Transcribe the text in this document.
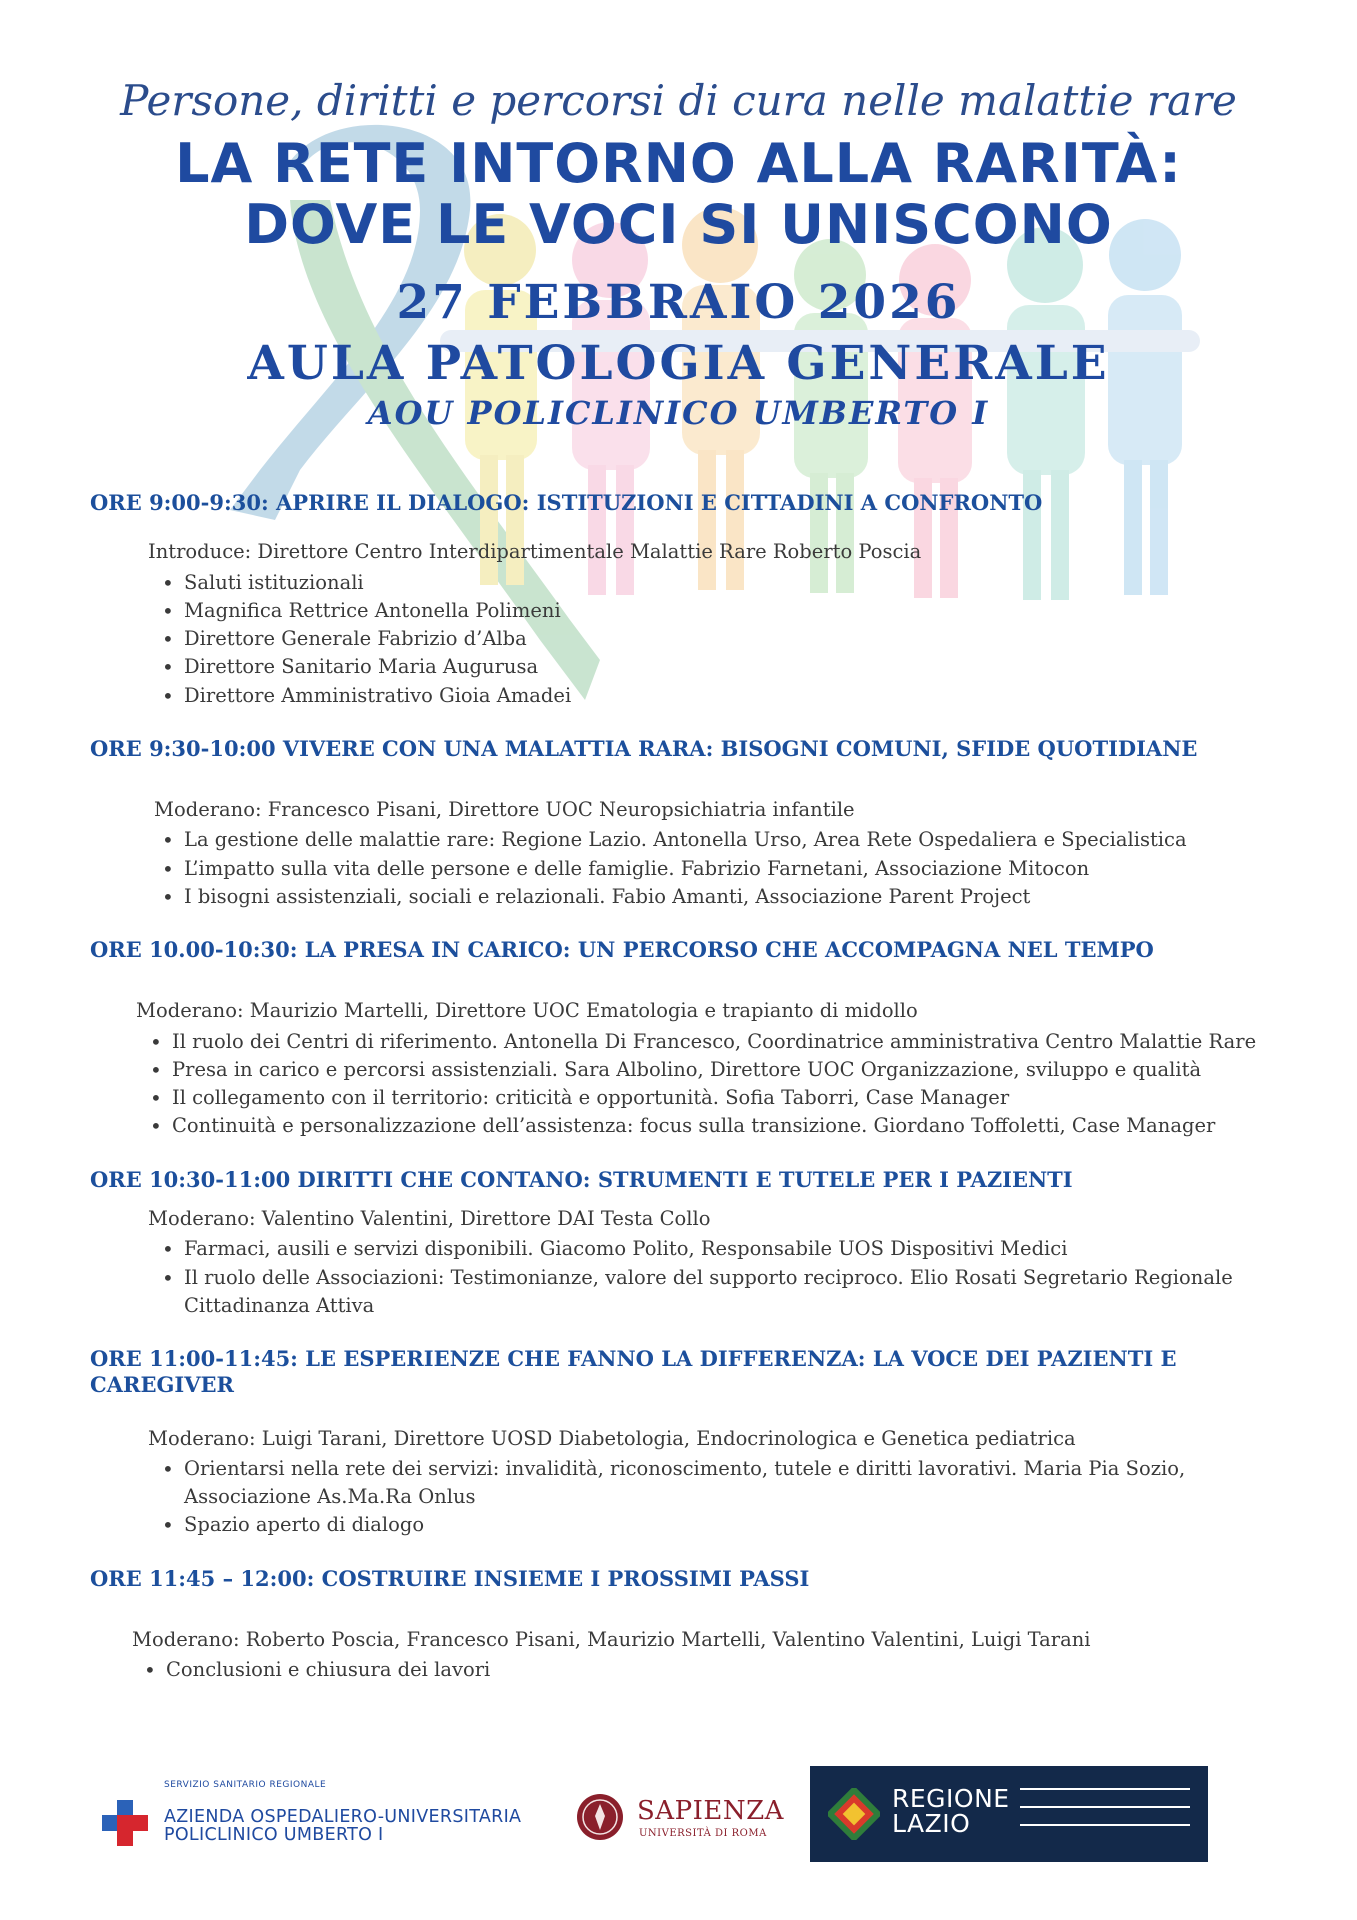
Persone, diritti e percorsi di cura nelle malattie rare

LA RETE INTORNO ALLA RARITÀ:
DOVE LE VOCI SI UNISCONO

27 FEBBRAIO 2026

AULA PATOLOGIA GENERALE

AOU POLICLINICO UMBERTO I

ORE 9:00-9:30: APRIRE IL DIALOGO: ISTITUZIONI E CITTADINI A CONFRONTO

Introduce: Direttore Centro Interdipartimentale Malattie Rare Roberto Poscia

• Saluti istituzionali
• Magnifica Rettrice Antonella Polimeni
• Direttore Generale Fabrizio d’Alba
• Direttore Sanitario Maria Augurusa
• Direttore Amministrativo Gioia Amadei

ORE 9:30-10:00 VIVERE CON UNA MALATTIA RARA: BISOGNI COMUNI, SFIDE QUOTIDIANE

Moderano: Francesco Pisani, Direttore UOC Neuropsichiatria infantile

• La gestione delle malattie rare: Regione Lazio. Antonella Urso, Area Rete Ospedaliera e Specialistica
• L’impatto sulla vita delle persone e delle famiglie. Fabrizio Farnetani, Associazione Mitocon
• I bisogni assistenziali, sociali e relazionali. Fabio Amanti, Associazione Parent Project

ORE 10.00-10:30: LA PRESA IN CARICO: UN PERCORSO CHE ACCOMPAGNA NEL TEMPO

Moderano: Maurizio Martelli, Direttore UOC Ematologia e trapianto di midollo

• Il ruolo dei Centri di riferimento. Antonella Di Francesco, Coordinatrice amministrativa Centro Malattie Rare
• Presa in carico e percorsi assistenziali. Sara Albolino, Direttore UOC Organizzazione, sviluppo e qualità
• Il collegamento con il territorio: criticità e opportunità. Sofia Taborri, Case Manager
• Continuità e personalizzazione dell’assistenza: focus sulla transizione. Giordano Toffoletti, Case Manager

ORE 10:30-11:00 DIRITTI CHE CONTANO: STRUMENTI E TUTELE PER I PAZIENTI

Moderano: Valentino Valentini, Direttore DAI Testa Collo

• Farmaci, ausili e servizi disponibili. Giacomo Polito, Responsabile UOS Dispositivi Medici
• Il ruolo delle Associazioni: Testimonianze, valore del supporto reciproco. Elio Rosati Segretario Regionale Cittadinanza Attiva

ORE 11:00-11:45: LE ESPERIENZE CHE FANNO LA DIFFERENZA: LA VOCE DEI PAZIENTI E CAREGIVER

Moderano: Luigi Tarani, Direttore UOSD Diabetologia, Endocrinologica e Genetica pediatrica

• Orientarsi nella rete dei servizi: invalidità, riconoscimento, tutele e diritti lavorativi. Maria Pia Sozio, Associazione As.Ma.Ra Onlus
• Spazio aperto di dialogo

ORE 11:45 – 12:00: COSTRUIRE INSIEME I PROSSIMI PASSI

Moderano: Roberto Poscia, Francesco Pisani, Maurizio Martelli, Valentino Valentini, Luigi Tarani

• Conclusioni e chiusura dei lavori
SERVIZIO SANITARIO REGIONALE
AZIENDA OSPEDALIERO-UNIVERSITARIA
POLICLINICO UMBERTO I
SAPIENZA
UNIVERSITÀ DI ROMA
REGIONE
LAZIO
